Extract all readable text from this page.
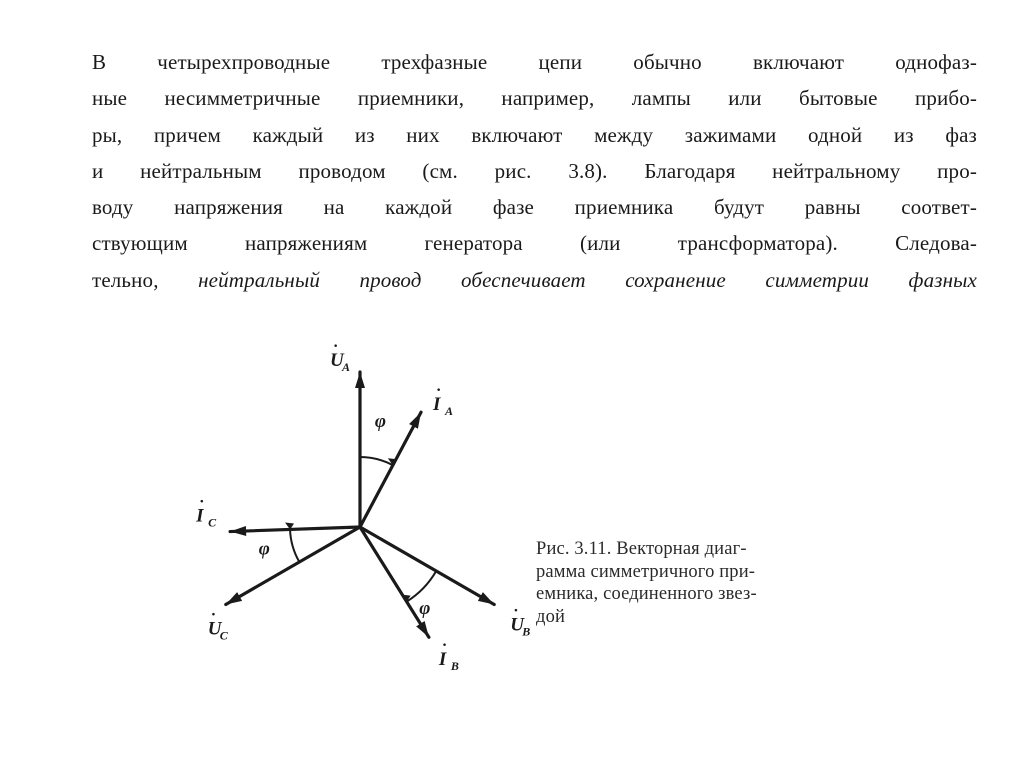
В четырехпроводные трехфазные цепи обычно включают однофаз-
ные несимметричные приемники, например, лампы или бытовые прибо-
ры, причем каждый из них включают между зажимами одной из фаз
и нейтральным проводом (см. рис. 3.8). Благодаря нейтральному про-
воду напряжения на каждой фазе приемника будут равны соответ-
ствующим напряжениям генератора (или трансформатора). Следова-
тельно, нейтральный провод обеспечивает сохранение симметрии фазных
·
U
A
·
I A
·
U
B
·
I B
·
U
C
·
I C
φ
φ
φ	Рис. 3.11. Векторная диаг-
рамма симметричного при-
емника, соединенного звез-
дой
